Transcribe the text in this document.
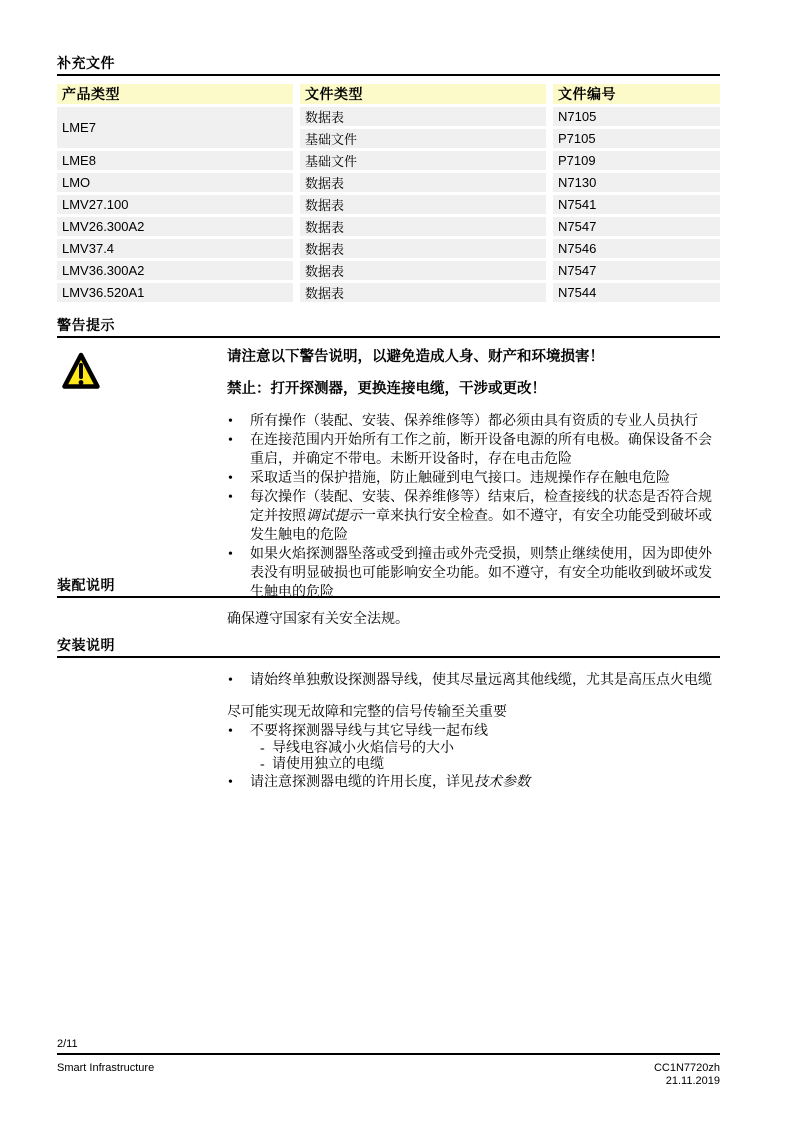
补充文件
产品类型	文件类型	文件编号
LME7	数据表	N7105
	基础文件	P7105
LME8	基础文件	P7109
LMO	数据表	N7130
LMV27.100	数据表	N7541
LMV26.300A2	数据表	N7547
LMV37.4	数据表	N7546
LMV36.300A2	数据表	N7547
LMV36.520A1	数据表	N7544
警告提示
请注意以下警告说明，以避免造成人身、财产和环境损害！
禁止：打开探测器，更换连接电缆，干涉或更改！
• 所有操作（装配、安装、保养维修等）都必须由具有资质的专业人员执行
• 在连接范围内开始所有工作之前，断开设备电源的所有电极。确保设备不会重启，并确定不带电。未断开设备时，存在电击危险
• 采取适当的保护措施，防止触碰到电气接口。违规操作存在触电危险
• 每次操作（装配、安装、保养维修等）结束后，检查接线的状态是否符合规定并按照调试提示一章来执行安全检查。如不遵守，有安全功能受到破坏或发生触电的危险
• 如果火焰探测器坠落或受到撞击或外壳受损，则禁止继续使用，因为即使外表没有明显破损也可能影响安全功能。如不遵守，有安全功能收到破坏或发生触电的危险
装配说明
确保遵守国家有关安全法规。
安装说明
• 请始终单独敷设探测器导线，使其尽量远离其他线缆，尤其是高压点火电缆
尽可能实现无故障和完整的信号传输至关重要
• 不要将探测器导线与其它导线一起布线
- 导线电容减小火焰信号的大小
- 请使用独立的电缆
• 请注意探测器电缆的许用长度，详见技术参数
2/11
Smart Infrastructure	CC1N7720zh
21.11.2019
